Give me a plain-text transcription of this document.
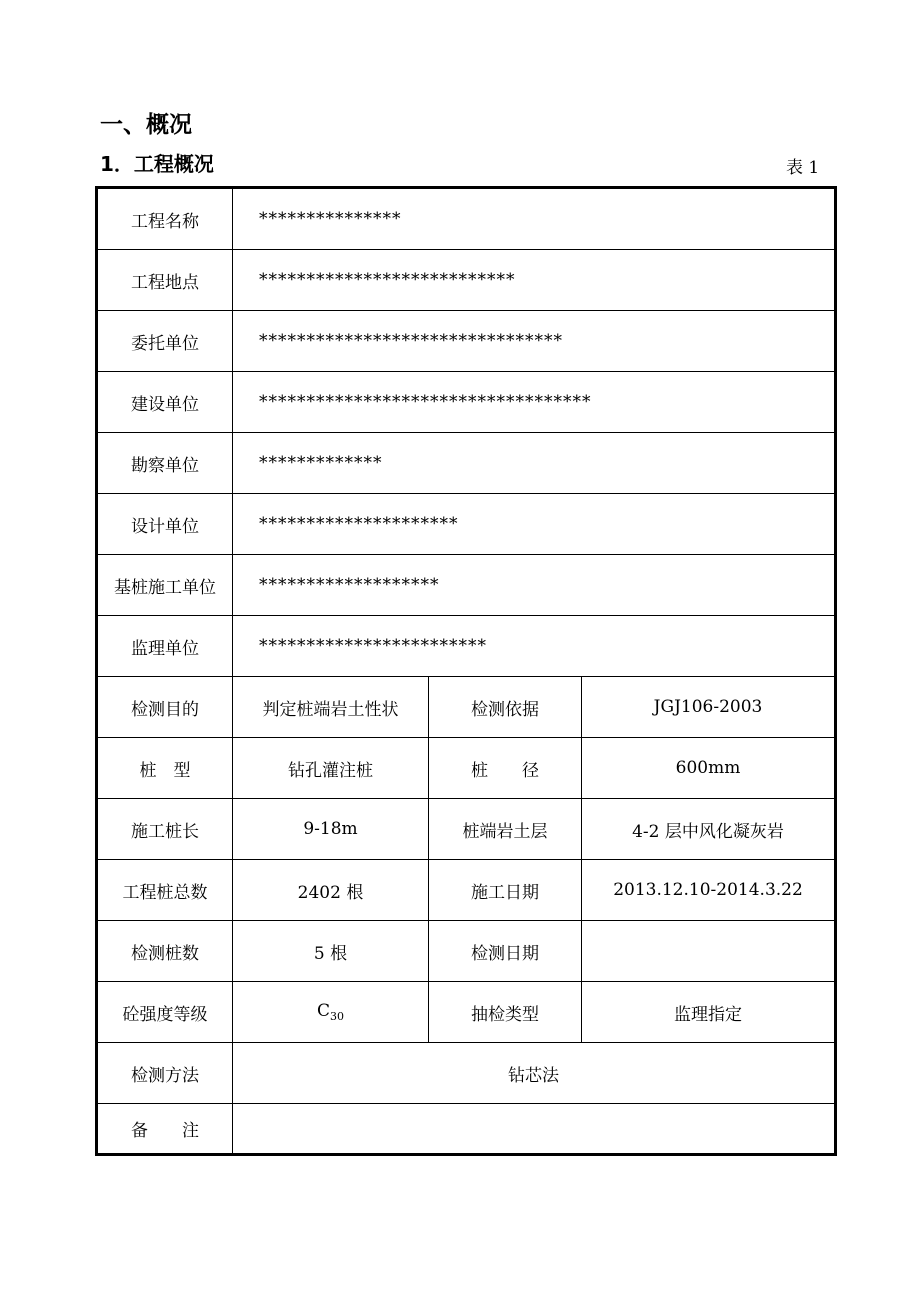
一、概况
1．工程概况	表 1
工程名称	***************		
工程地点	***************************		
委托单位	********************************		
建设单位	***********************************		
勘察单位	*************		
设计单位	*********************		
基桩施工单位	*******************		
监理单位	************************		
检测目的	判定桩端岩土性状	检测依据	JGJ106-2003
桩　型	钻孔灌注桩	桩　　径	600mm
施工桩长	9-18m	桩端岩土层	4-2 层中风化凝灰岩
工程桩总数	2402 根	施工日期	2013.12.10-2014.3.22
检测桩数	5 根	检测日期	
砼强度等级	$C_{30}$	抽检类型	监理指定
检测方法	钻芯法		
备　　注			
